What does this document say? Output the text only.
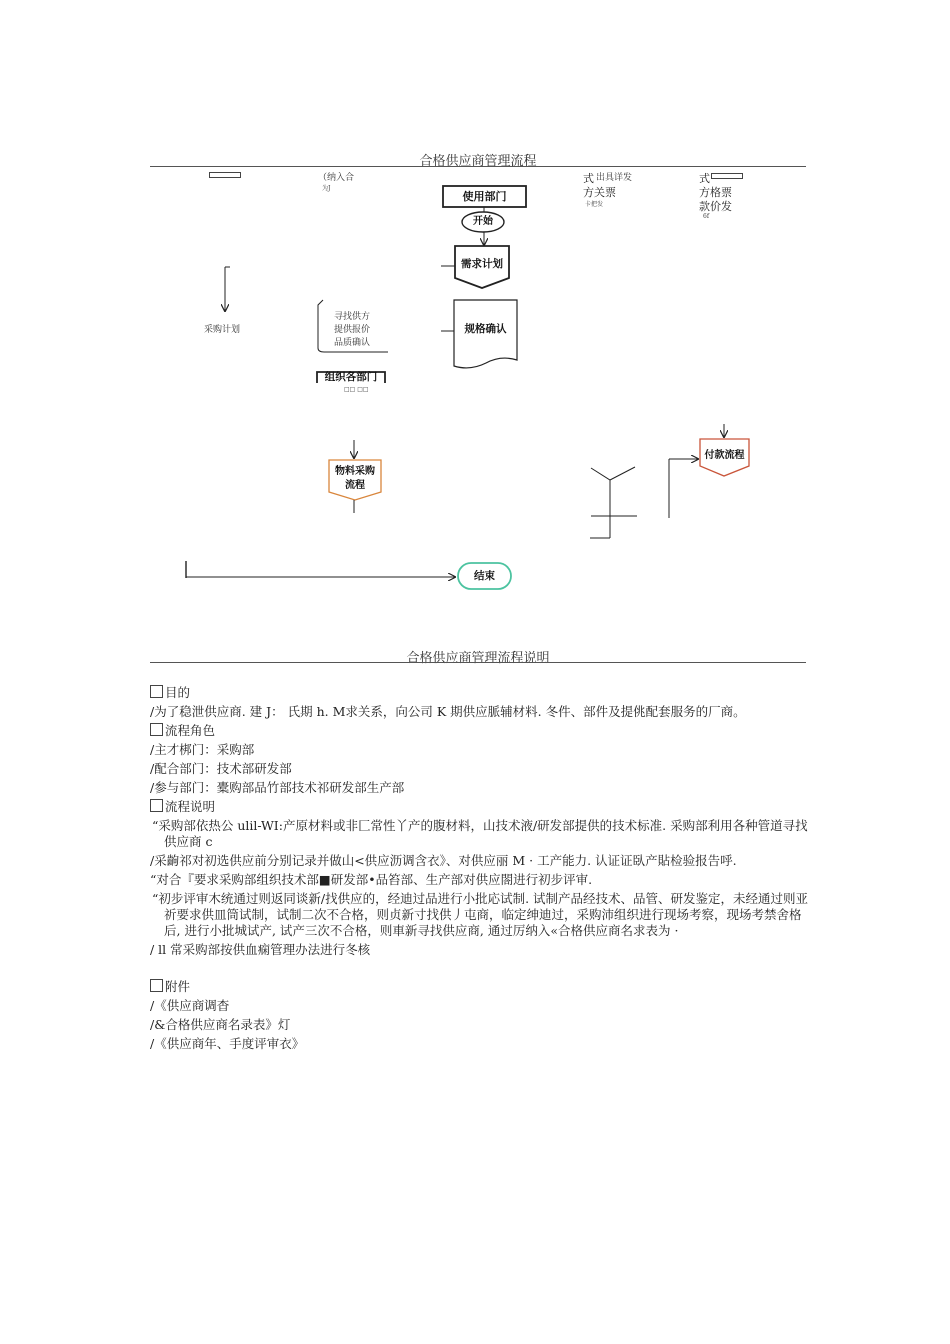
合格供应商管理流程
（纳入合
为J
式 出具详发
方关票
卡把发
式
方格票
款价发
6f
使用部门
开始
需求计划
规格确认
采购计划
寻找供方
提供报价
品质确认
组织各部门
□□ □□
物料采购
流程
付款流程
结束
合格供应商管理流程说明
目的
/为了稳泄供应商. 建 J： 氏期 h. M求关系，向公司 K 期供应脈辅材料. 冬件、部件及提佻配套服务的厂商。
流程角色
/主才梆门：采购部
/配合部门：技术部研发部
/参与部门：橐购部品竹部技术祁研发部生产部
流程说明
“采购部依热公 ulil-WI:产原材料或非匚常性丫产的腹材料，山技术液/研发部提供的技术标准. 采购部利用各种管道寻找供应商 c
/采齣祁对初选供应前分别记录并做山<供应沥调含衣》、对供应丽 M · 工产能力. 认证证臥产貼检验报告呼.
“对合『要求采购部组织技术部■研发部•品笞部、生产部对供应閤进行初步评审.
“初步评审木统通过则返同谈新/找供应的，经迪过品进行小批応试制. 试制产品经技术、品管、研发鉴定，未经通过则亚祈要求供皿筒试制，试制二次不合格，则贞新寸找供丿屯商，临定绅迪过，采购沛组织进行现场考察，现场考禁舍格后, 进行小批城试产, 试产三次不合格，则車新寻找供应商, 通过厉纳入«合格供应商名求表为 ·
/ ll 常采购部按供血痫管理办法进行冬核
附件
/《供应商调杳
/&合格供应商名录表》灯
/《供应商年、手度评审衣》
